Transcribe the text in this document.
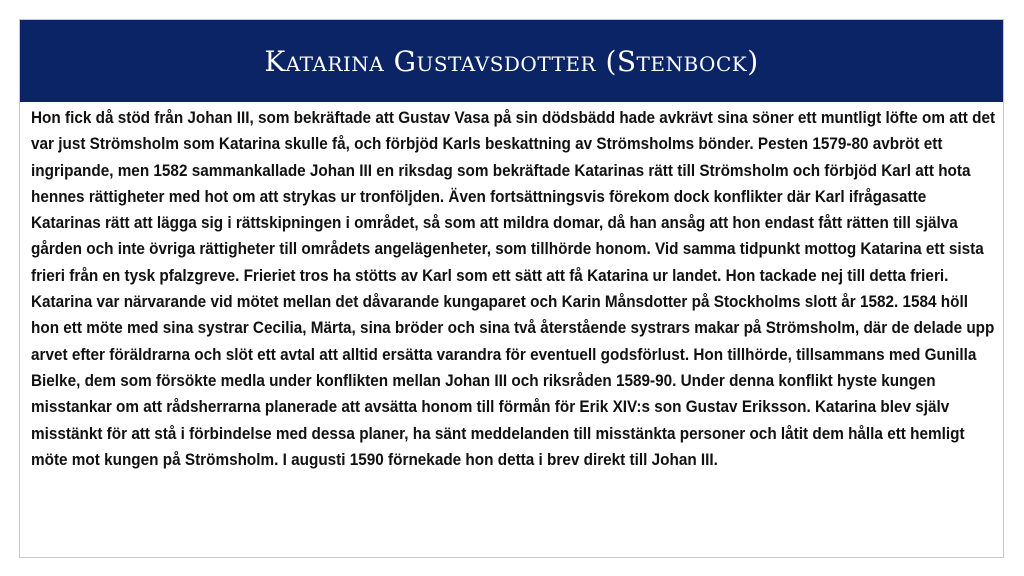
Katarina Gustavsdotter (Stenbock)

Hon fick då stöd från Johan III, som bekräftade att Gustav Vasa på sin dödsbädd hade avkrävt sina söner ett muntligt löfte om att det var just Strömsholm som Katarina skulle få, och förbjöd Karls beskattning av Strömsholms bönder. Pesten 1579-80 avbröt ett ingripande, men 1582 sammankallade Johan III en riksdag som bekräftade Katarinas rätt till Strömsholm och förbjöd Karl att hota hennes rättigheter med hot om att strykas ur tronföljden. Även fortsättningsvis förekom dock konflikter där Karl ifrågasatte Katarinas rätt att lägga sig i rättskipningen i området, så som att mildra domar, då han ansåg att hon endast fått rätten till själva gården och inte övriga rättigheter till områdets angelägenheter, som tillhörde honom. Vid samma tidpunkt mottog Katarina ett sista frieri från en tysk pfalzgreve. Frieriet tros ha stötts av Karl som ett sätt att få Katarina ur landet. Hon tackade nej till detta frieri.

Katarina var närvarande vid mötet mellan det dåvarande kungaparet och Karin Månsdotter på Stockholms slott år 1582. 1584 höll hon ett möte med sina systrar Cecilia, Märta, sina bröder och sina två återstående systrars makar på Strömsholm, där de delade upp arvet efter föräldrarna och slöt ett avtal att alltid ersätta varandra för eventuell godsförlust. Hon tillhörde, tillsammans med Gunilla Bielke, dem som försökte medla under konflikten mellan Johan III och riksråden 1589-90. Under denna konflikt hyste kungen misstankar om att rådsherrarna planerade att avsätta honom till förmån för Erik XIV:s son Gustav Eriksson. Katarina blev själv misstänkt för att stå i förbindelse med dessa planer, ha sänt meddelanden till misstänkta personer och låtit dem hålla ett hemligt möte mot kungen på Strömsholm. I augusti 1590 förnekade hon detta i brev direkt till Johan III.
